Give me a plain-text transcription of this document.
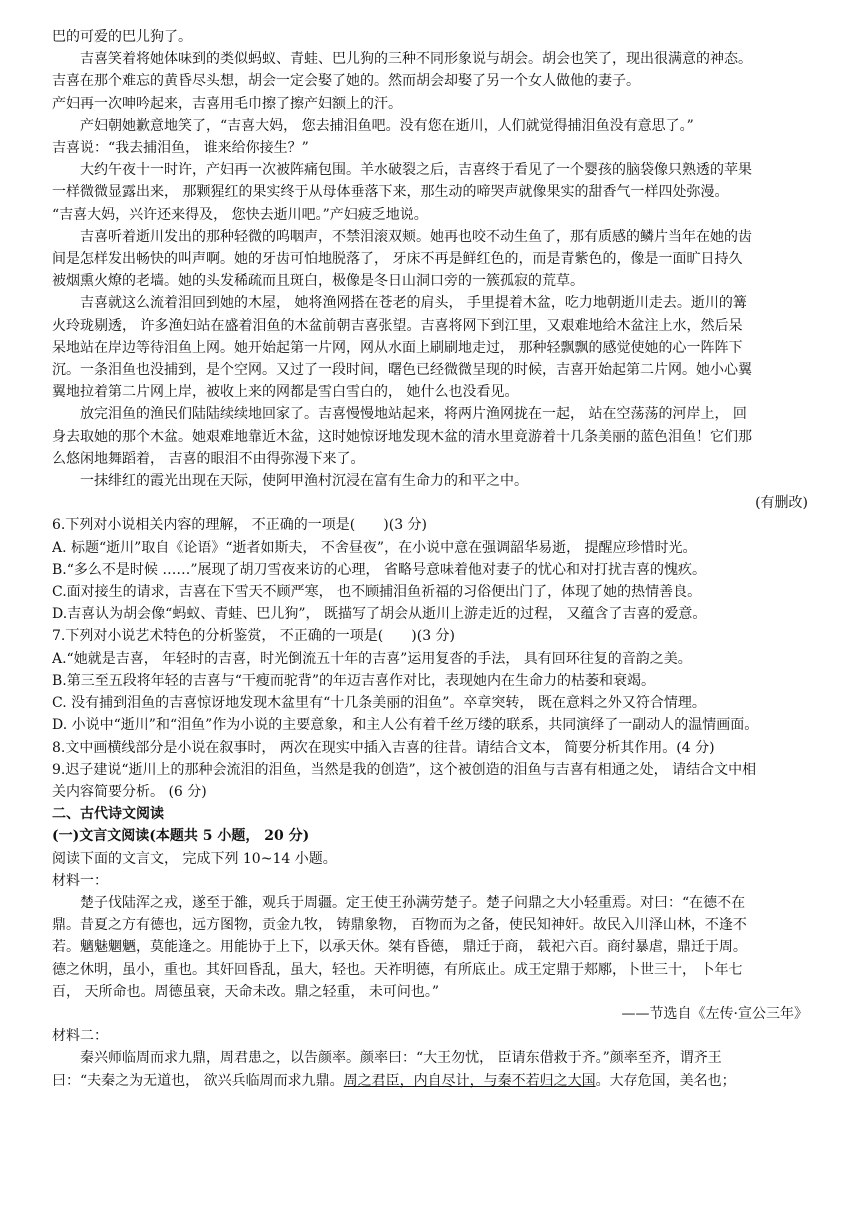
巴的可爱的巴儿狗了。
吉喜笑着将她体味到的类似蚂蚁、青蛙、巴儿狗的三种不同形象说与胡会。胡会也笑了，现出很满意的神态。
吉喜在那个难忘的黄昏尽头想，胡会一定会娶了她的。然而胡会却娶了另一个女人做他的妻子。
产妇再一次呻吟起来，吉喜用毛巾擦了擦产妇额上的汗。
产妇朝她歉意地笑了，“吉喜大妈， 您去捕泪鱼吧。没有您在逝川，人们就觉得捕泪鱼没有意思了。”
吉喜说：“我去捕泪鱼， 谁来给你接生？”
大约午夜十一时许，产妇再一次被阵痛包围。羊水破裂之后，吉喜终于看见了一个婴孩的脑袋像只熟透的苹果
一样微微显露出来， 那颗猩红的果实终于从母体垂落下来，那生动的啼哭声就像果实的甜香气一样四处弥漫。
“吉喜大妈，兴许还来得及， 您快去逝川吧。”产妇疲乏地说。
吉喜听着逝川发出的那种轻微的呜咽声，不禁泪滚双颊。她再也咬不动生鱼了，那有质感的鳞片当年在她的齿
间是怎样发出畅快的叫声啊。她的牙齿可怕地脱落了， 牙床不再是鲜红色的，而是青紫色的，像是一面旷日持久
被烟熏火燎的老墙。她的头发稀疏而且斑白，极像是冬日山洞口旁的一簇孤寂的荒草。
吉喜就这么流着泪回到她的木屋， 她将渔网搭在苍老的肩头， 手里提着木盆，吃力地朝逝川走去。逝川的篝
火玲珑剔透， 许多渔妇站在盛着泪鱼的木盆前朝吉喜张望。吉喜将网下到江里，又艰难地给木盆注上水，然后呆
呆地站在岸边等待泪鱼上网。她开始起第一片网，网从水面上刷刷地走过， 那种轻飘飘的感觉使她的心一阵阵下
沉。一条泪鱼也没捕到，是个空网。又过了一段时间，曙色已经微微呈现的时候，吉喜开始起第二片网。她小心翼
翼地拉着第二片网上岸，被收上来的网都是雪白雪白的， 她什么也没看见。
放完泪鱼的渔民们陆陆续续地回家了。吉喜慢慢地站起来，将两片渔网拢在一起， 站在空荡荡的河岸上， 回
身去取她的那个木盆。她艰难地靠近木盆，这时她惊讶地发现木盆的清水里竟游着十几条美丽的蓝色泪鱼！它们那
么悠闲地舞蹈着， 吉喜的眼泪不由得弥漫下来了。
一抹绯红的霞光出现在天际，使阿甲渔村沉浸在富有生命力的和平之中。
(有删改)
6.下列对小说相关内容的理解， 不正确的一项是(　　)(3 分)
A. 标题“逝川”取自《论语》“逝者如斯夫， 不舍昼夜”，在小说中意在强调韶华易逝， 提醒应珍惜时光。
B.“多么不是时候 ……”展现了胡刀雪夜来访的心理， 省略号意味着他对妻子的忧心和对打扰吉喜的愧疚。
C.面对接生的请求，吉喜在下雪天不顾严寒， 也不顾捕泪鱼祈福的习俗便出门了，体现了她的热情善良。
D.吉喜认为胡会像“蚂蚁、青蛙、巴儿狗”， 既描写了胡会从逝川上游走近的过程， 又蕴含了吉喜的爱意。
7.下列对小说艺术特色的分析鉴赏， 不正确的一项是(　　)(3 分)
A.“她就是吉喜， 年轻时的吉喜，时光倒流五十年的吉喜”运用复沓的手法， 具有回环往复的音韵之美。
B.第三至五段将年轻的吉喜与“干瘦而驼背”的年迈吉喜作对比，表现她内在生命力的枯萎和衰竭。
C. 没有捕到泪鱼的吉喜惊讶地发现木盆里有“十几条美丽的泪鱼”。卒章突转， 既在意料之外又符合情理。
D. 小说中“逝川”和“泪鱼”作为小说的主要意象，和主人公有着千丝万缕的联系，共同演绎了一副动人的温情画面。
8.文中画横线部分是小说在叙事时， 两次在现实中插入吉喜的往昔。请结合文本， 简要分析其作用。(4 分)
9.迟子建说“逝川上的那种会流泪的泪鱼，当然是我的创造”，这个被创造的泪鱼与吉喜有相通之处， 请结合文中相
关内容简要分析。 (6 分)
二、古代诗文阅读
(一)文言文阅读(本题共 5 小题， 20 分)
阅读下面的文言文， 完成下列 10~14 小题。
材料一：
楚子伐陆浑之戎，遂至于雒，观兵于周疆。定王使王孙满劳楚子。楚子问鼎之大小轻重焉。对曰：“在德不在
鼎。昔夏之方有德也，远方图物，贡金九牧， 铸鼎象物， 百物而为之备，使民知神奸。故民入川泽山林，不逢不
若。魑魅魍魉，莫能逢之。用能协于上下，以承天休。桀有昏德， 鼎迁于商， 载祀六百。商纣暴虐，鼎迁于周。
德之休明，虽小，重也。其奸回昏乱，虽大，轻也。天祚明德，有所底止。成王定鼎于郏鄏，卜世三十， 卜年七
百， 天所命也。周德虽衰，天命未改。鼎之轻重， 未可问也。”
——节选自《左传·宣公三年》
材料二：
秦兴师临周而求九鼎，周君患之，以告颜率。颜率曰：“大王勿忧， 臣请东借救于齐。”颜率至齐，谓齐王
曰：“夫秦之为无道也， 欲兴兵临周而求九鼎。周之君臣，内自尽计，与秦不若归之大国。大存危国，美名也；
